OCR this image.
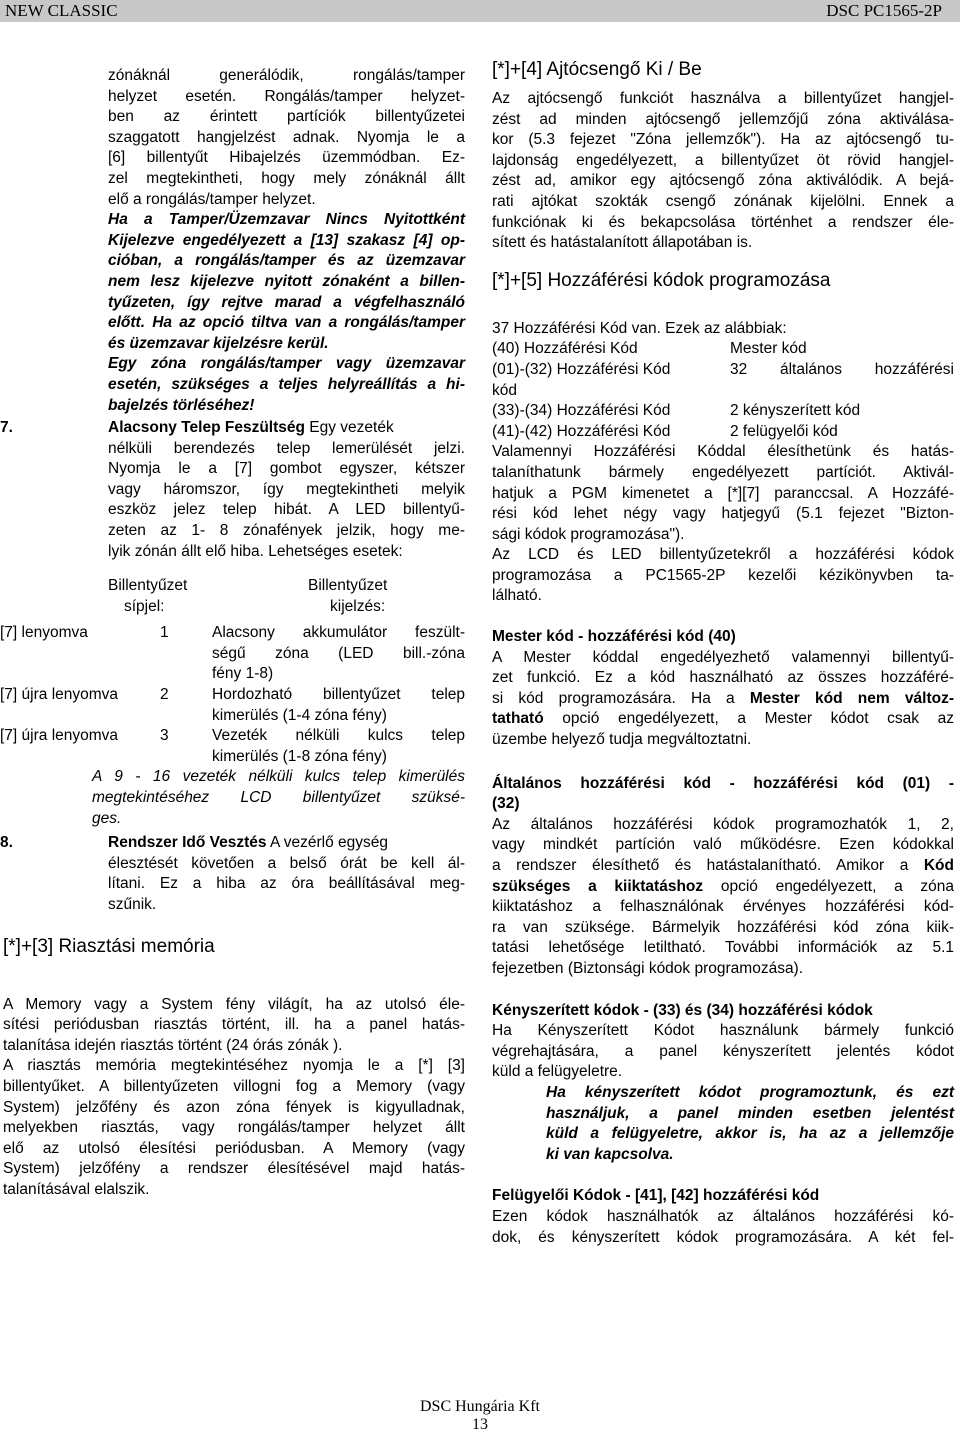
NEW CLASSIC	DSC PC1565-2P

zónáknál generálódik, rongálás/tamper

helyzet esetén. Rongálás/tamper helyzet-

ben az érintett partíciók billentyűzetei

szaggatott hangjelzést adnak. Nyomja le a

[6] billentyűt Hibajelzés üzemmódban. Ez-

zel megtekintheti, hogy mely zónáknál állt

elő a rongálás/tamper helyzet.

Ha a Tamper/Üzemzavar Nincs Nyitottként

Kijelezve engedélyezett a [13] szakasz [4] op-

cióban, a rongálás/tamper és az üzemzavar

nem lesz kijelezve nyitott zónaként a billen-

tyűzeten, így rejtve marad a végfelhasználó

előtt. Ha az opció tiltva van a rongálás/tamper

és üzemzavar kijelzésre kerül.

Egy zóna rongálás/tamper vagy üzemzavar

esetén, szükséges a teljes helyreállítás a hi-

bajelzés törléséhez!

7.	Alacsony Telep Feszültség Egy vezeték

nélküli berendezés telep lemerülését jelzi.

Nyomja le a [7] gombot egyszer, kétszer

vagy háromszor, így megtekintheti melyik

eszköz jelez telep hibát. A LED billentyű-

zeten az 1- 8 zónafények jelzik, hogy me-

lyik zónán állt elő hiba. Lehetséges esetek:

Billentyűzet
sípjel:
Billentyűzet
kijelzés:
[7] lenyomva	1	Alacsony akkumulátor feszült-
ségű zóna (LED bill.-zóna
fény 1-8)

[7] újra lenyomva	2	Hordozható billentyűzet telep
kimerülés (1-4 zóna fény)

[7] újra lenyomva	3	Vezeték nélküli kulcs telep
kimerülés (1-8 zóna fény)

A 9 - 16 vezeték nélküli kulcs telep kimerülés

megtekintéséhez LCD billentyűzet szüksé-

ges.

8.	Rendszer Idő Vesztés A vezérlő egység

élesztését követően a belső órát be kell ál-

lítani. Ez a hiba az óra beállításával meg-

szűnik.

[*]+[3] Riasztási memória

A Memory vagy a System fény világít, ha az utolsó éle-

sítési periódusban riasztás történt, ill. ha a panel hatás-

talanítása idején riasztás történt (24 órás zónák ).

A riasztás memória megtekintéséhez nyomja le a [*] [3]

billentyűket. A billentyűzeten villogni fog a Memory (vagy

System) jelzőfény és azon zóna fények is kigyulladnak,

melyekben riasztás, vagy rongálás/tamper helyzet állt

elő az utolsó élesítési periódusban. A Memory (vagy

System) jelzőfény a rendszer élesítésével majd hatás-

talanításával elalszik.

[*]+[4] Ajtócsengő Ki / Be

Az ajtócsengő funkciót használva a billentyűzet hangjel-

zést ad minden ajtócsengő jellemzőjű zóna aktiválása-

kor (5.3 fejezet "Zóna jellemzők"). Ha az ajtócsengő tu-

lajdonság engedélyezett, a billentyűzet öt rövid hangjel-

zést ad, amikor egy ajtócsengő zóna aktiválódik. A bejá-

rati ajtókat szokták csengő zónának kijelölni. Ennek a

funkciónak ki és bekapcsolása történhet a rendszer éle-

sített és hatástalanított állapotában is.

[*]+[5] Hozzáférési kódok programozása

37 Hozzáférési Kód van. Ezek az alábbiak:

(40) Hozzáférési Kód	Mester kód

(01)-(32) Hozzáférési Kód	32 általános hozzáférési

kód

(33)-(34) Hozzáférési Kód	2 kényszerített kód

(41)-(42) Hozzáférési Kód	2 felügyelői kód

Valamennyi Hozzáférési Kóddal élesíthetünk és hatás-

talaníthatunk bármely engedélyezett partíciót. Aktivál-

hatjuk a PGM kimenetet a [*][7] paranccsal. A Hozzáfé-

rési kód lehet négy vagy hatjegyű (5.1 fejezet "Bizton-

sági kódok programozása").

Az LCD és LED billentyűzetekről a hozzáférési kódok

programozása a PC1565-2P kezelői kézikönyvben ta-

lálható.

Mester kód - hozzáférési kód (40)

A Mester kóddal engedélyezhető valamennyi billentyű-

zet funkció. Ez a kód használható az összes hozzáféré-

si kód programozására. Ha a Mester kód nem változ-

tatható opció engedélyezett, a Mester kódot csak az

üzembe helyező tudja megváltoztatni.

Általános hozzáférési kód - hozzáférési kód (01) -

(32)

Az általános hozzáférési kódok programozhatók 1, 2,

vagy mindkét partíción való működésre. Ezen kódokkal

a rendszer élesíthető és hatástalanítható. Amikor a Kód

szükséges a kiiktatáshoz opció engedélyezett, a zóna

kiiktatáshoz a felhasználónak érvényes hozzáférési kód-

ra van szüksége. Bármelyik hozzáférési kód zóna kiik-

tatási lehetősége letiltható. További információk az 5.1

fejezetben (Biztonsági kódok programozása).

Kényszerített kódok - (33) és (34) hozzáférési kódok

Ha Kényszerített Kódot használunk bármely funkció

végrehajtására, a panel kényszerített jelentés kódot

küld a felügyeletre.

Ha kényszerített kódot programoztunk, és ezt

használjuk, a panel minden esetben jelentést

küld a felügyeletre, akkor is, ha az a jellemzője

ki van kapcsolva.

Felügyelői Kódok - [41], [42] hozzáférési kód

Ezen kódok használhatók az általános hozzáférési kó-

dok, és kényszerített kódok programozására. A két fel-

DSC Hungária Kft
13
